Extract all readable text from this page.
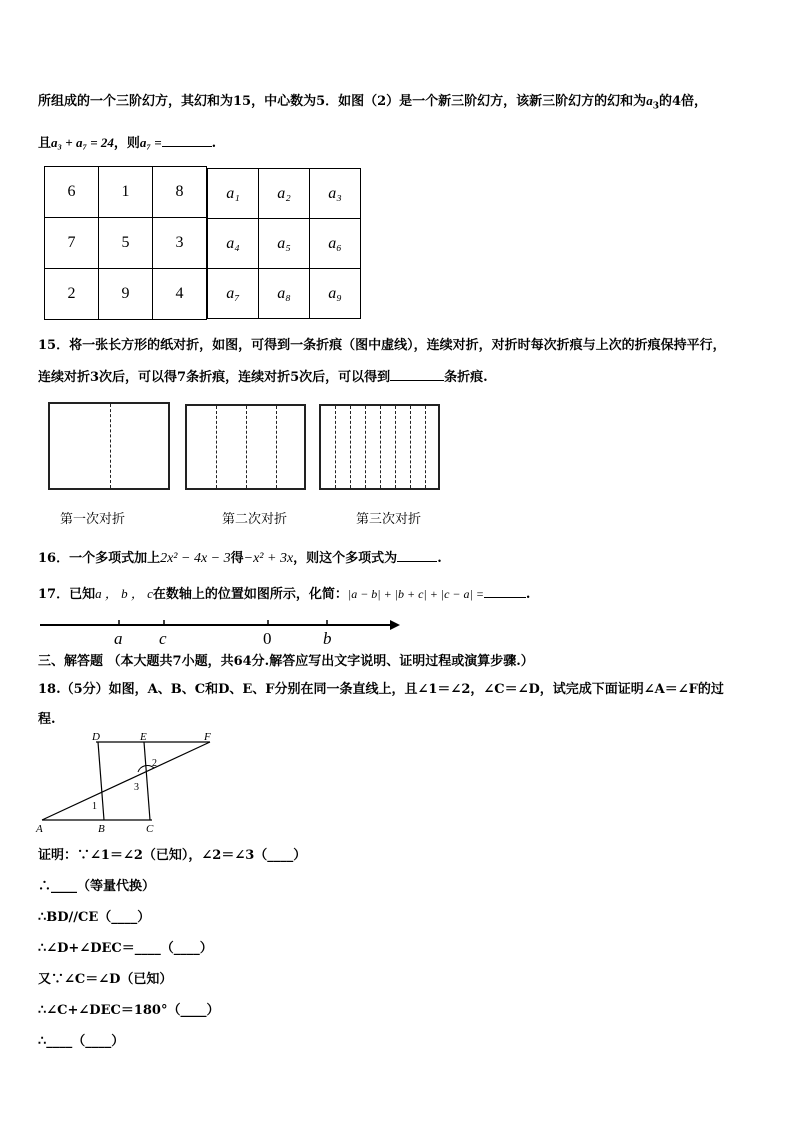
所组成的一个三阶幻方，其幻和为15，中心数为5．如图（2）是一个新三阶幻方，该新三阶幻方的幻和为$a_3$的4倍，
且a₃ + a₇ = 24，则a₇ =	.
6	1	8
7	5	3
2	9	4
a₁	a₂	a₃
a₄	a₅	a₆
a₇	a₈	a₉
15．将一张长方形的纸对折，如图，可得到一条折痕（图中虚线），连续对折，对折时每次折痕与上次的折痕保持平行，
连续对折3次后，可以得7条折痕，连续对折5次后，可以得到	条折痕.
第一次对折	第二次对折	第三次对折
16．一个多项式加上2x² − 4x − 3得−x² + 3x，则这个多项式为	.
17．已知a ， b ， c在数轴上的位置如图所示，化简：|a − b| + |b + c| + |c − a| =	.
a c	0	b
三、解答题 （本大题共7小题，共64分.解答应写出文字说明、证明过程或演算步骤.）
18.（5分）如图，A、B、C和D、E、F分别在同一条直线上，且∠1＝∠2，∠C＝∠D，试完成下面证明∠A＝∠F的过
程.
D	E	F
A	B	C
1
2
3
证明：∵∠1＝∠2（已知），∠2＝∠3（____）
∴____（等量代换）
∴BD//CE（____）
∴∠D+∠DEC＝____（____）
又∵∠C＝∠D（已知）
∴∠C+∠DEC＝180°（____）
∴____（____）
